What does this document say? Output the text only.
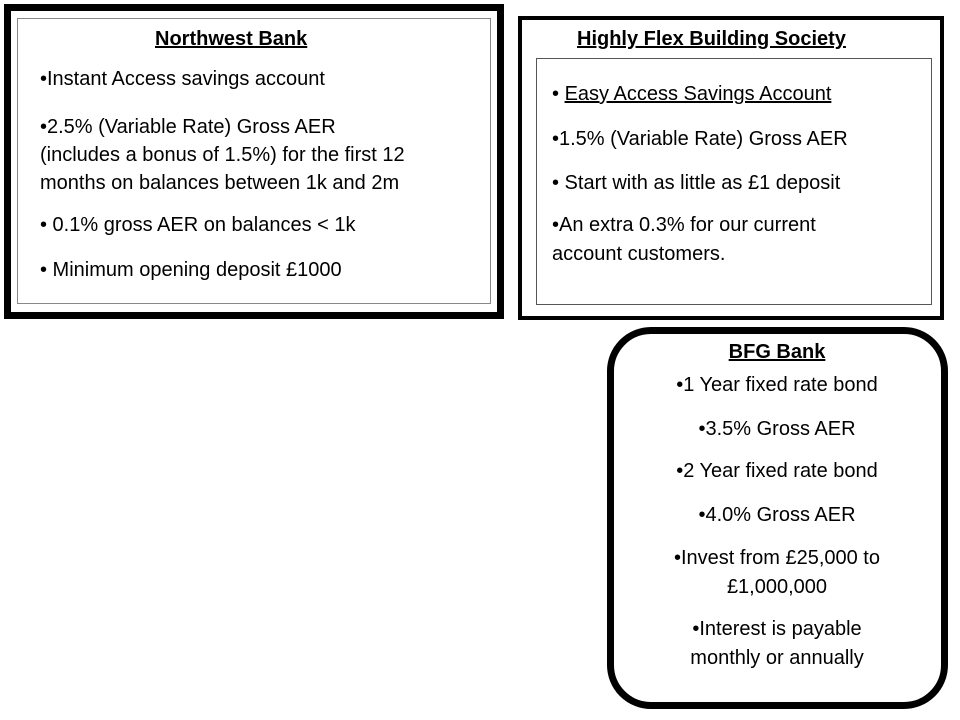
Northwest Bank
•Instant Access savings account
•2.5% (Variable Rate) Gross AER
(includes a bonus of 1.5%) for the first 12
months on balances between 1k and 2m
• 0.1% gross AER on balances < 1k
• Minimum opening deposit £1000
Highly Flex Building Society
• Easy Access Savings Account
•1.5% (Variable Rate) Gross AER
• Start with as little as £1 deposit
•An extra 0.3% for our current
account customers.
BFG Bank
•1 Year fixed rate bond
•3.5% Gross AER
•2 Year fixed rate bond
•4.0% Gross AER
•Invest from £25,000 to
£1,000,000
•Interest is payable
monthly or annually
